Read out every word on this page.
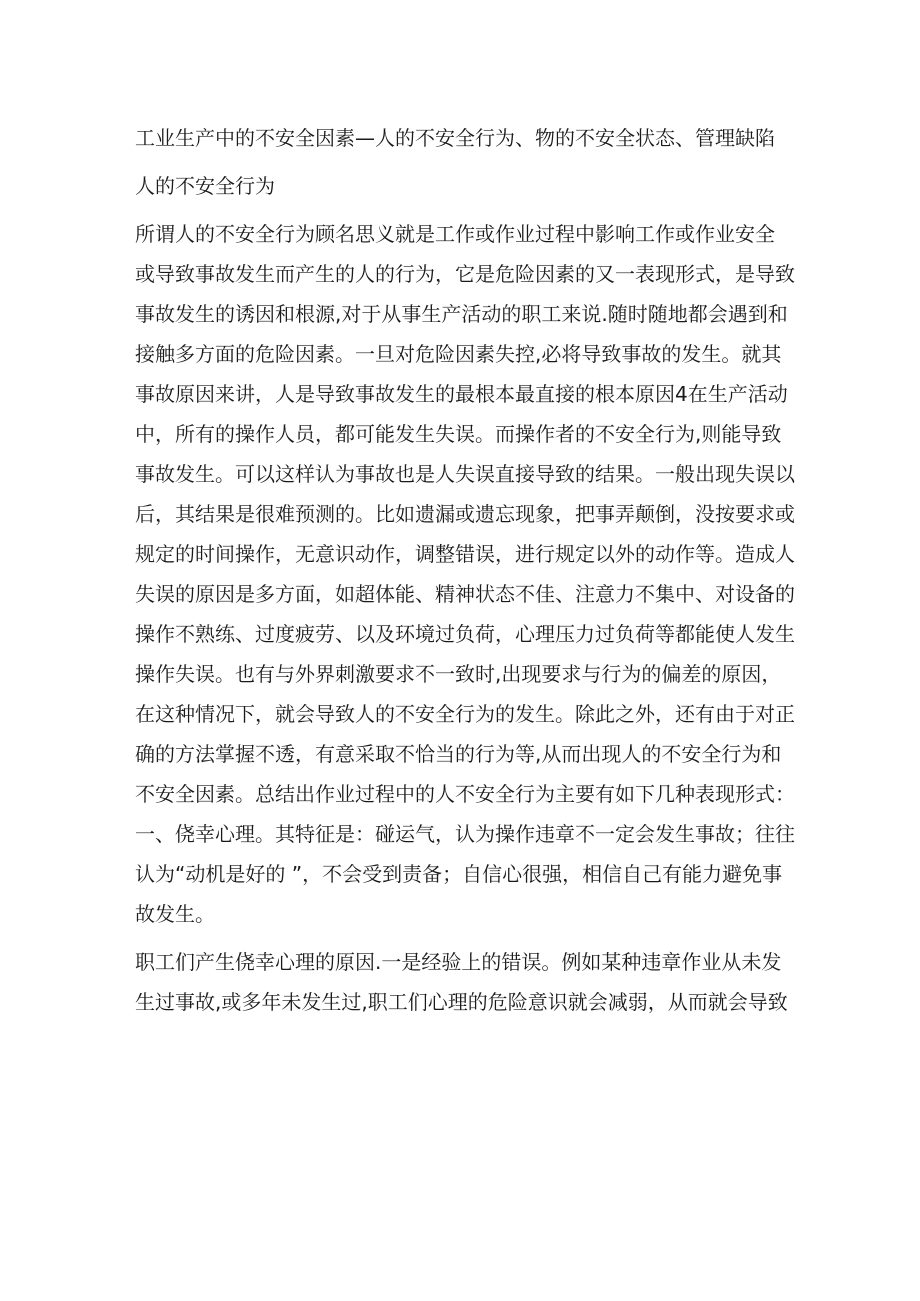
工业生产中的不安全因素—人的不安全行为、物的不安全状态、管理缺陷
人的不安全行为
所谓人的不安全行为顾名思义就是工作或作业过程中影响工作或作业安全
或导致事故发生而产生的人的行为，它是危险因素的又一表现形式，是导致
事故发生的诱因和根源,对于从事生产活动的职工来说.随时随地都会遇到和
接触多方面的危险因素。一旦对危险因素失控,必将导致事故的发生。就其
事故原因来讲，人是导致事故发生的最根本最直接的根本原因4在生产活动
中，所有的操作人员，都可能发生失误。而操作者的不安全行为,则能导致
事故发生。可以这样认为事故也是人失误直接导致的结果。一般出现失误以
后，其结果是很难预测的。比如遗漏或遗忘现象，把事弄颠倒，没按要求或
规定的时间操作，无意识动作，调整错误，进行规定以外的动作等。造成人
失误的原因是多方面，如超体能、精神状态不佳、注意力不集中、对设备的
操作不熟练、过度疲劳、以及环境过负荷，心理压力过负荷等都能使人发生
操作失误。也有与外界刺激要求不一致时,出现要求与行为的偏差的原因，
在这种情况下，就会导致人的不安全行为的发生。除此之外，还有由于对正
确的方法掌握不透，有意采取不恰当的行为等,从而出现人的不安全行为和
不安全因素。总结出作业过程中的人不安全行为主要有如下几种表现形式：
一、侥幸心理。其特征是：碰运气，认为操作违章不一定会发生事故；往往
认为“动机是好的 ”，不会受到责备；自信心很强，相信自己有能力避免事
故发生。
职工们产生侥幸心理的原因.一是经验上的错误。例如某种违章作业从未发
生过事故,或多年未发生过,职工们心理的危险意识就会减弱，从而就会导致
